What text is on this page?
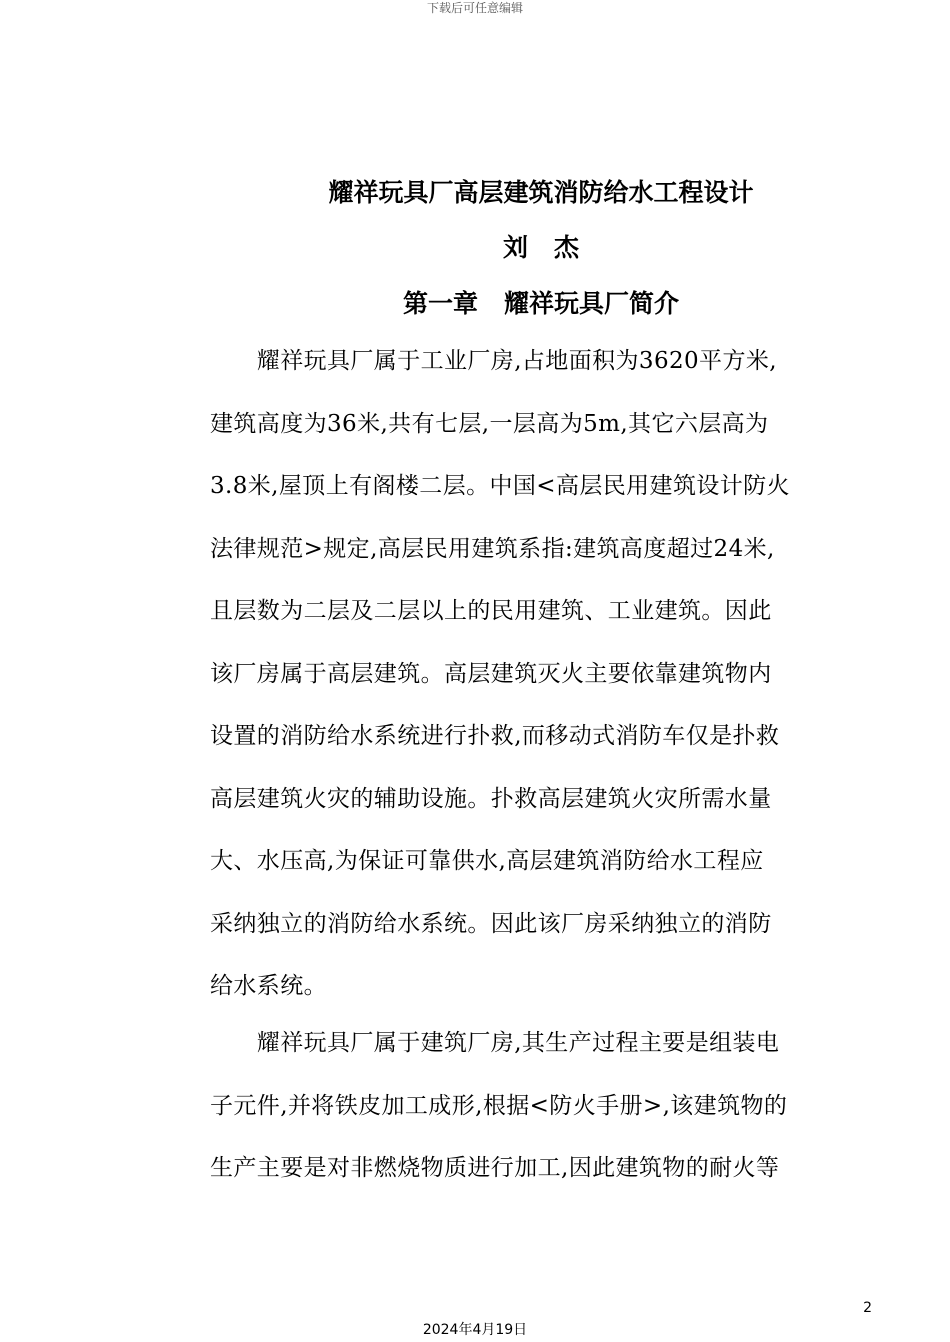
下载后可任意编辑
耀祥玩具厂高层建筑消防给水工程设计
刘 杰
第一章 耀祥玩具厂简介
　　耀祥玩具厂属于工业厂房,占地面积为3620平方米,
建筑高度为36米,共有七层,一层高为5m,其它六层高为
3.8米,屋顶上有阁楼二层。中国<高层民用建筑设计防火
法律规范>规定,高层民用建筑系指:建筑高度超过24米,
且层数为二层及二层以上的民用建筑、工业建筑。因此
该厂房属于高层建筑。高层建筑灭火主要依靠建筑物内
设置的消防给水系统进行扑救,而移动式消防车仅是扑救
高层建筑火灾的辅助设施。扑救高层建筑火灾所需水量
大、水压高,为保证可靠供水,高层建筑消防给水工程应
采纳独立的消防给水系统。因此该厂房采纳独立的消防
给水系统。
　　耀祥玩具厂属于建筑厂房,其生产过程主要是组装电
子元件,并将铁皮加工成形,根据<防火手册>,该建筑物的
生产主要是对非燃烧物质进行加工,因此建筑物的耐火等
2
2024年4月19日
